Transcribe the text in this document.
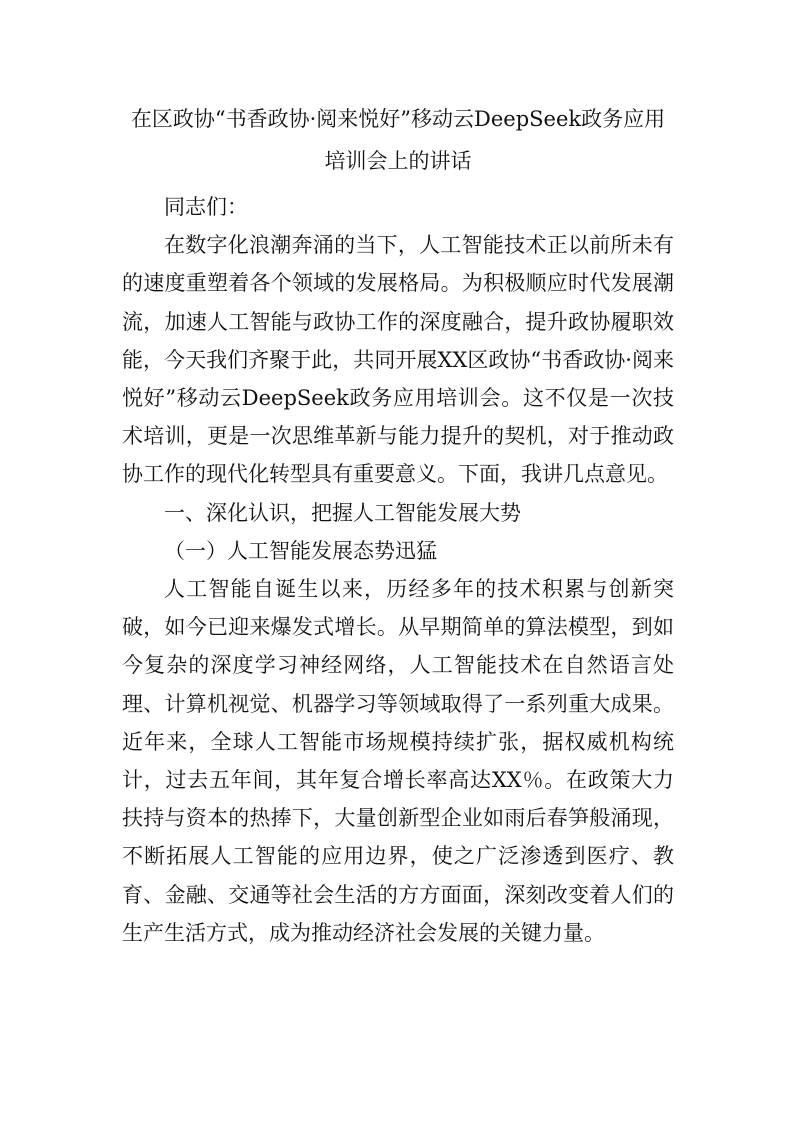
在区政协“书香政协·阅来悦好”移动云DeepSeek政务应用培训会上的讲话

同志们：

在数字化浪潮奔涌的当下，人工智能技术正以前所未有的速度重塑着各个领域的发展格局。为积极顺应时代发展潮流，加速人工智能与政协工作的深度融合，提升政协履职效能，今天我们齐聚于此，共同开展XX区政协“书香政协·阅来悦好”移动云DeepSeek政务应用培训会。这不仅是一次技术培训，更是一次思维革新与能力提升的契机，对于推动政协工作的现代化转型具有重要意义。下面，我讲几点意见。

一、深化认识，把握人工智能发展大势

（一）人工智能发展态势迅猛

人工智能自诞生以来，历经多年的技术积累与创新突破，如今已迎来爆发式增长。从早期简单的算法模型，到如今复杂的深度学习神经网络，人工智能技术在自然语言处理、计算机视觉、机器学习等领域取得了一系列重大成果。近年来，全球人工智能市场规模持续扩张，据权威机构统计，过去五年间，其年复合增长率高达XX％。在政策大力扶持与资本的热捧下，大量创新型企业如雨后春笋般涌现，不断拓展人工智能的应用边界，使之广泛渗透到医疗、教育、金融、交通等社会生活的方方面面，深刻改变着人们的生产生活方式，成为推动经济社会发展的关键力量。
